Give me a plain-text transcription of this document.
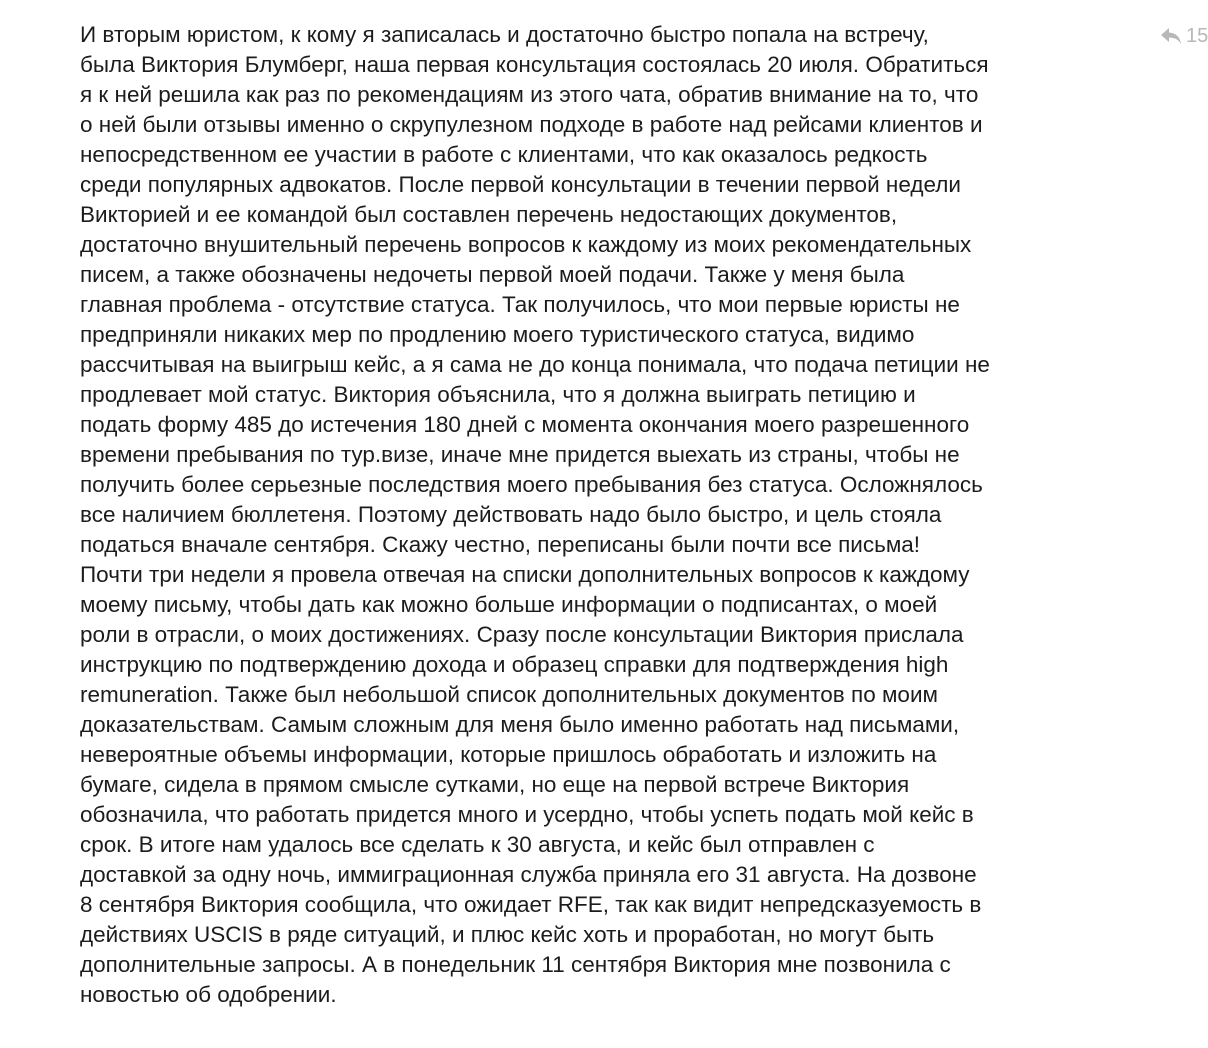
И вторым юристом, к кому я записалась и достаточно быстро попала на встречу,
была Виктория Блумберг, наша первая консультация состоялась 20 июля. Обратиться
я к ней решила как раз по рекомендациям из этого чата, обратив внимание на то, что
о ней были отзывы именно о скрупулезном подходе в работе над рейсами клиентов и
непосредственном ее участии в работе с клиентами, что как оказалось редкость
среди популярных адвокатов. После первой консультации в течении первой недели
Викторией и ее командой был составлен перечень недостающих документов,
достаточно внушительный перечень вопросов к каждому из моих рекомендательных
писем, а также обозначены недочеты первой моей подачи. Также у меня была
главная проблема - отсутствие статуса. Так получилось, что мои первые юристы не
предприняли никаких мер по продлению моего туристического статуса, видимо
рассчитывая на выигрыш кейс, а я сама не до конца понимала, что подача петиции не
продлевает мой статус. Виктория объяснила, что я должна выиграть петицию и
подать форму 485 до истечения 180 дней с момента окончания моего разрешенного
времени пребывания по тур.визе, иначе мне придется выехать из страны, чтобы не
получить более серьезные последствия моего пребывания без статуса. Осложнялось
все наличием бюллетеня. Поэтому действовать надо было быстро, и цель стояла
податься вначале сентября. Скажу честно, переписаны были почти все письма!
Почти три недели я провела отвечая на списки дополнительных вопросов к каждому
моему письму, чтобы дать как можно больше информации о подписантах, о моей
роли в отрасли, о моих достижениях. Сразу после консультации Виктория прислала
инструкцию по подтверждению дохода и образец справки для подтверждения high
remuneration. Также был небольшой список дополнительных документов по моим
доказательствам. Самым сложным для меня было именно работать над письмами,
невероятные объемы информации, которые пришлось обработать и изложить на
бумаге, сидела в прямом смысле сутками, но еще на первой встрече Виктория
обозначила, что работать придется много и усердно, чтобы успеть подать мой кейс в
срок. В итоге нам удалось все сделать к 30 августа, и кейс был отправлен с
доставкой за одну ночь, иммиграционная служба приняла его 31 августа. На дозвоне
8 сентября Виктория сообщила, что ожидает RFE, так как видит непредсказуемость в
действиях USCIS в ряде ситуаций, и плюс кейс хоть и проработан, но могут быть
дополнительные запросы. А в понедельник 11 сентября Виктория мне позвонила с
новостью об одобрении.
15
